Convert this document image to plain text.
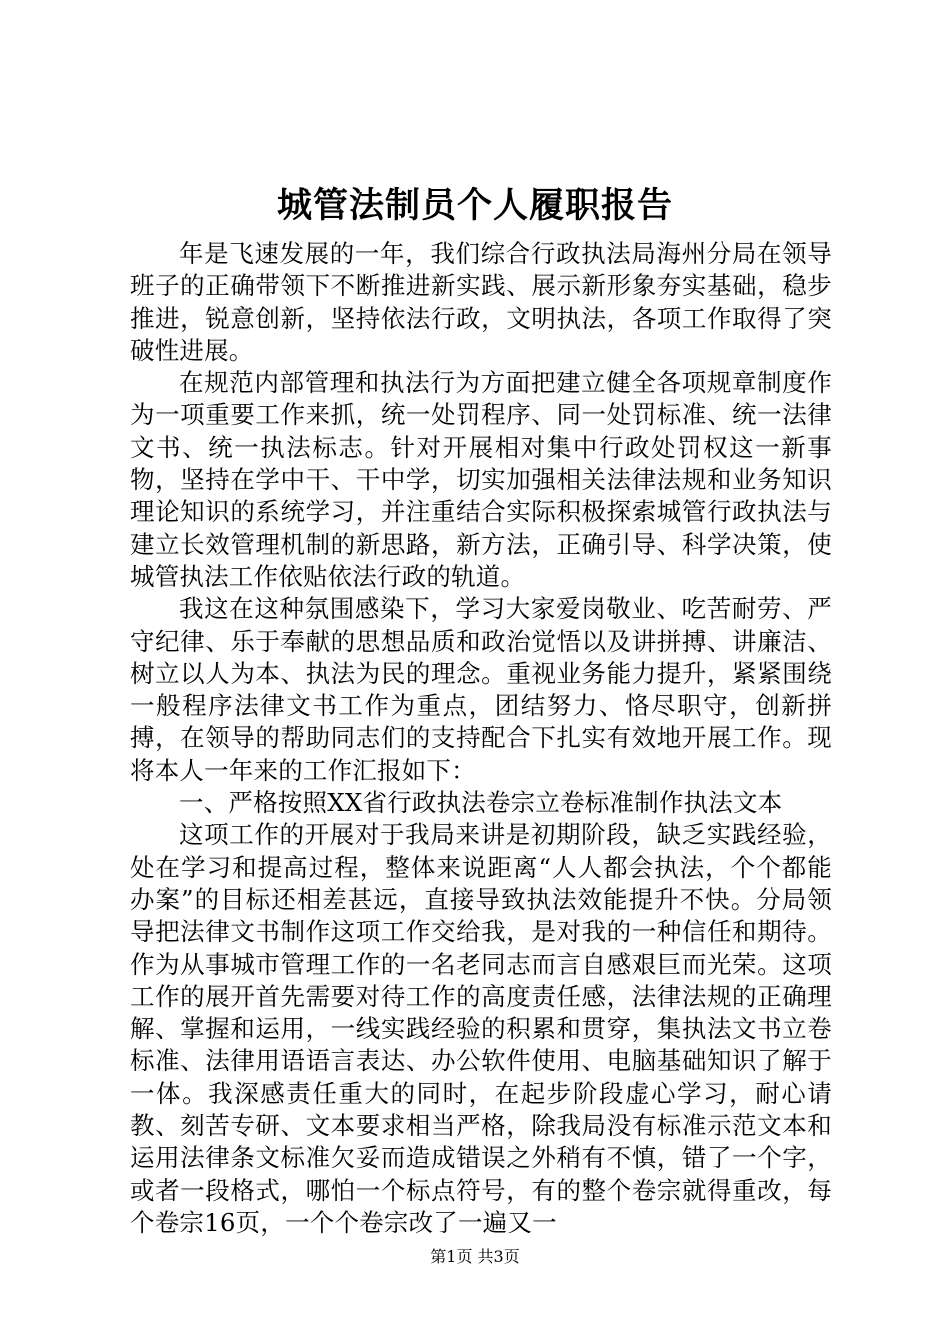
城管法制员个人履职报告

年是飞速发展的一年，我们综合行政执法局海州分局在领导班子的正确带领下不断推进新实践、展示新形象夯实基础，稳步推进，锐意创新，坚持依法行政，文明执法，各项工作取得了突破性进展。

在规范内部管理和执法行为方面把建立健全各项规章制度作为一项重要工作来抓，统一处罚程序、同一处罚标准、统一法律文书、统一执法标志。针对开展相对集中行政处罚权这一新事物，坚持在学中干、干中学，切实加强相关法律法规和业务知识理论知识的系统学习，并注重结合实际积极探索城管行政执法与建立长效管理机制的新思路，新方法，正确引导、科学决策，使城管执法工作依贴依法行政的轨道。

我这在这种氛围感染下，学习大家爱岗敬业、吃苦耐劳、严守纪律、乐于奉献的思想品质和政治觉悟以及讲拼搏、讲廉洁、树立以人为本、执法为民的理念。重视业务能力提升，紧紧围绕一般程序法律文书工作为重点，团结努力、恪尽职守，创新拼搏，在领导的帮助同志们的支持配合下扎实有效地开展工作。现将本人一年来的工作汇报如下：

一、严格按照XX省行政执法卷宗立卷标准制作执法文本

这项工作的开展对于我局来讲是初期阶段，缺乏实践经验，处在学习和提高过程，整体来说距离“人人都会执法，个个都能办案”的目标还相差甚远，直接导致执法效能提升不快。分局领导把法律文书制作这项工作交给我，是对我的一种信任和期待。作为从事城市管理工作的一名老同志而言自感艰巨而光荣。这项工作的展开首先需要对待工作的高度责任感，法律法规的正确理解、掌握和运用，一线实践经验的积累和贯穿，集执法文书立卷标准、法律用语语言表达、办公软件使用、电脑基础知识了解于一体。我深感责任重大的同时，在起步阶段虚心学习，耐心请教、刻苦专研、文本要求相当严格，除我局没有标准示范文本和运用法律条文标准欠妥而造成错误之外稍有不慎，错了一个字，或者一段格式，哪怕一个标点符号，有的整个卷宗就得重改，每个卷宗16页，一个个卷宗改了一遍又一

第1页 共3页
